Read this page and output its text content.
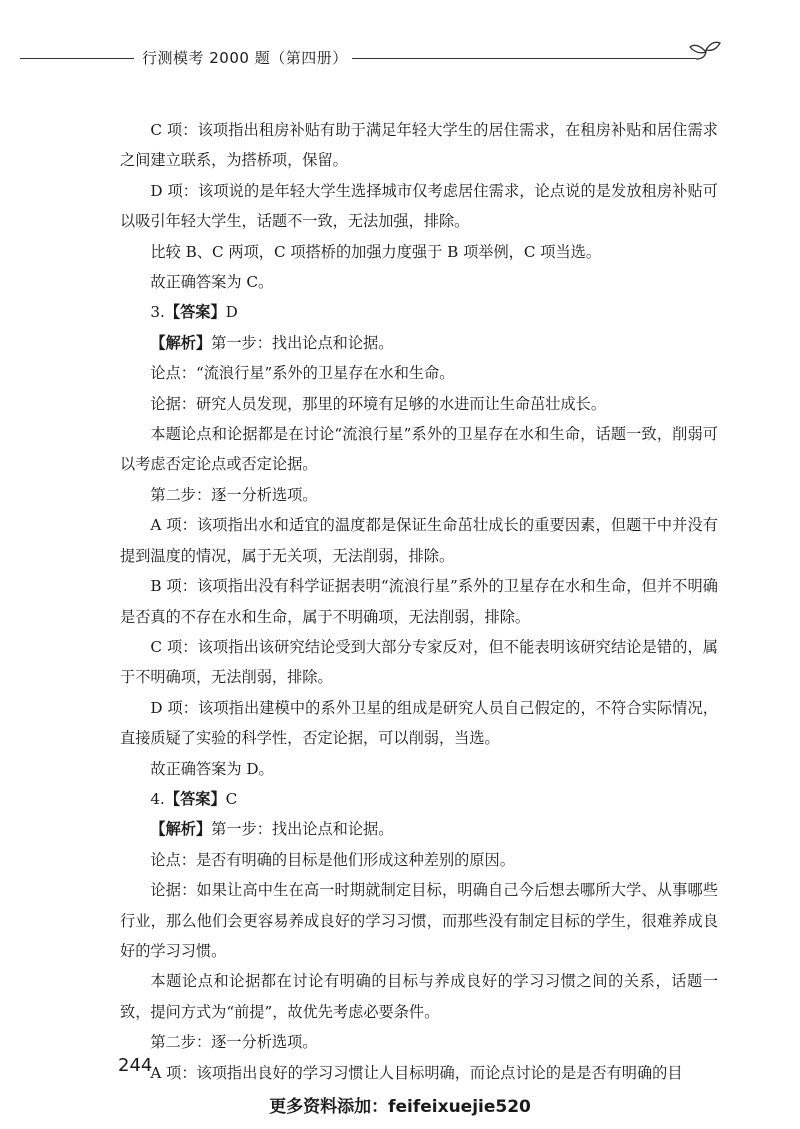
行测模考 2000 题（第四册）

C 项：该项指出租房补贴有助于满足年轻大学生的居住需求，在租房补贴和居住需求之间建立联系，为搭桥项，保留。

D 项：该项说的是年轻大学生选择城市仅考虑居住需求，论点说的是发放租房补贴可以吸引年轻大学生，话题不一致，无法加强，排除。

比较 B、C 两项，C 项搭桥的加强力度强于 B 项举例，C 项当选。

故正确答案为 C。

3.【答案】D

【解析】第一步：找出论点和论据。

论点：“流浪行星”系外的卫星存在水和生命。

论据：研究人员发现，那里的环境有足够的水进而让生命茁壮成长。

本题论点和论据都是在讨论“流浪行星”系外的卫星存在水和生命，话题一致，削弱可以考虑否定论点或否定论据。

第二步：逐一分析选项。

A 项：该项指出水和适宜的温度都是保证生命茁壮成长的重要因素，但题干中并没有提到温度的情况，属于无关项，无法削弱，排除。

B 项：该项指出没有科学证据表明“流浪行星”系外的卫星存在水和生命，但并不明确是否真的不存在水和生命，属于不明确项，无法削弱，排除。

C 项：该项指出该研究结论受到大部分专家反对，但不能表明该研究结论是错的，属于不明确项，无法削弱，排除。

D 项：该项指出建模中的系外卫星的组成是研究人员自己假定的，不符合实际情况，直接质疑了实验的科学性，否定论据，可以削弱，当选。

故正确答案为 D。

4.【答案】C

【解析】第一步：找出论点和论据。

论点：是否有明确的目标是他们形成这种差别的原因。

论据：如果让高中生在高一时期就制定目标，明确自己今后想去哪所大学、从事哪些行业，那么他们会更容易养成良好的学习习惯，而那些没有制定目标的学生，很难养成良好的学习习惯。

本题论点和论据都在讨论有明确的目标与养成良好的学习习惯之间的关系，话题一致，提问方式为“前提”，故优先考虑必要条件。

第二步：逐一分析选项。

A 项：该项指出良好的学习习惯让人目标明确，而论点讨论的是是否有明确的目

244
更多资料添加：feifeixuejie520
